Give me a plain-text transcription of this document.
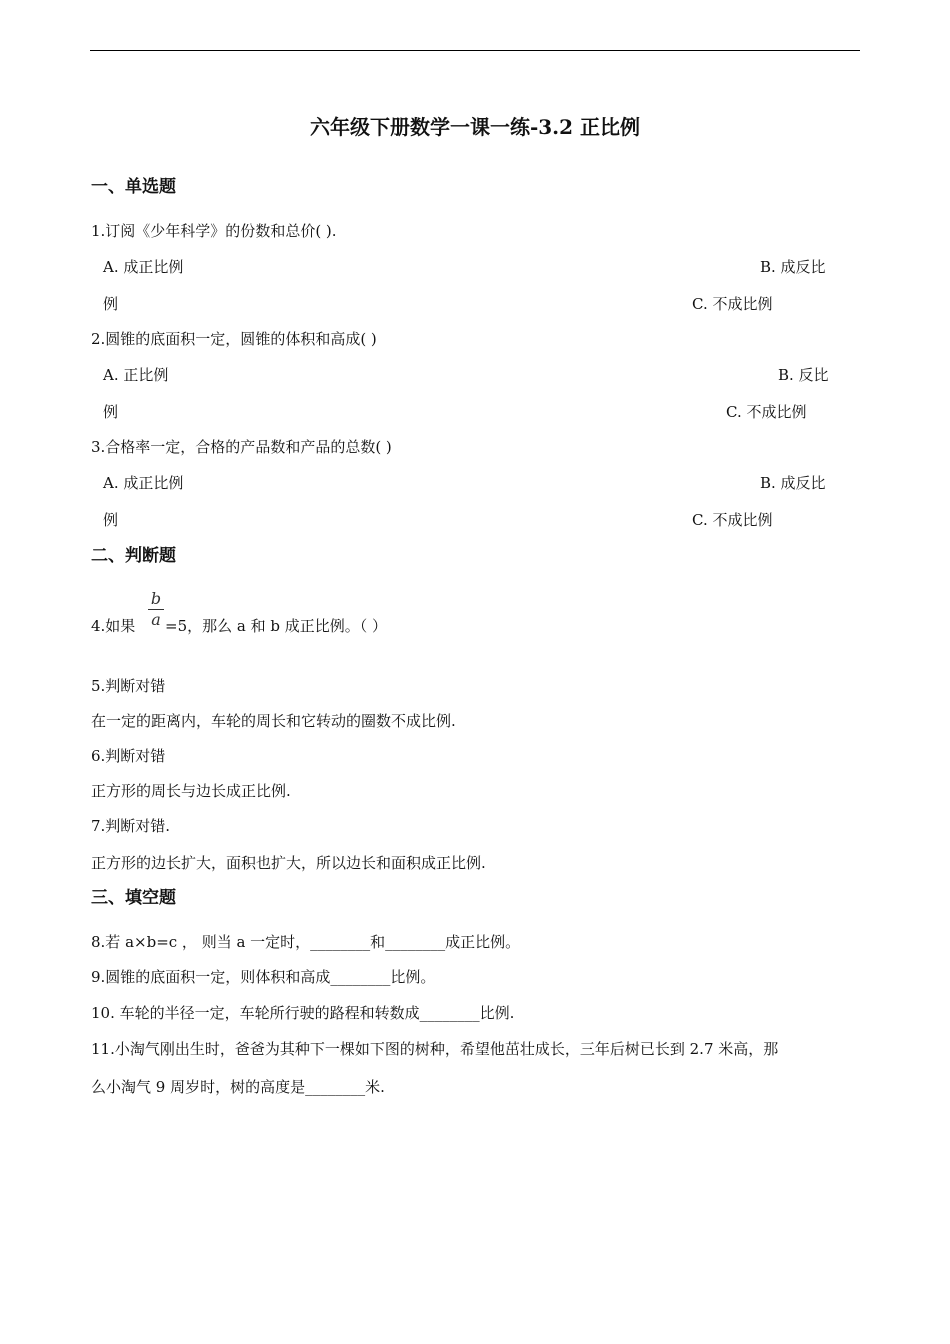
六年级下册数学一课一练-3.2 正比例
一、单选题
1.订阅《少年科学》的份数和总价( ).
A. 成正比例	B. 成反比
例	C. 不成比例
2.圆锥的底面积一定，圆锥的体积和高成( )
A. 正比例	B. 反比
例	C. 不成比例
3.合格率一定，合格的产品数和产品的总数( )
A. 成正比例	B. 成反比
例	C. 不成比例
二、判断题
4.如果
b
a =5，那么 a 和 b 成正比例。（ ）
5.判断对错
在一定的距离内，车轮的周长和它转动的圈数不成比例.
6.判断对错
正方形的周长与边长成正比例.
7.判断对错.
正方形的边长扩大，面积也扩大，所以边长和面积成正比例.
三、填空题
8.若 a×b=c ， 则当 a 一定时，________和________成正比例。
9.圆锥的底面积一定，则体积和高成________比例。
10. 车轮的半径一定，车轮所行驶的路程和转数成________比例.
11.小淘气刚出生时，爸爸为其种下一棵如下图的树种，希望他茁壮成长，三年后树已长到 2.7 米高，那
么小淘气 9 周岁时，树的高度是________米.
